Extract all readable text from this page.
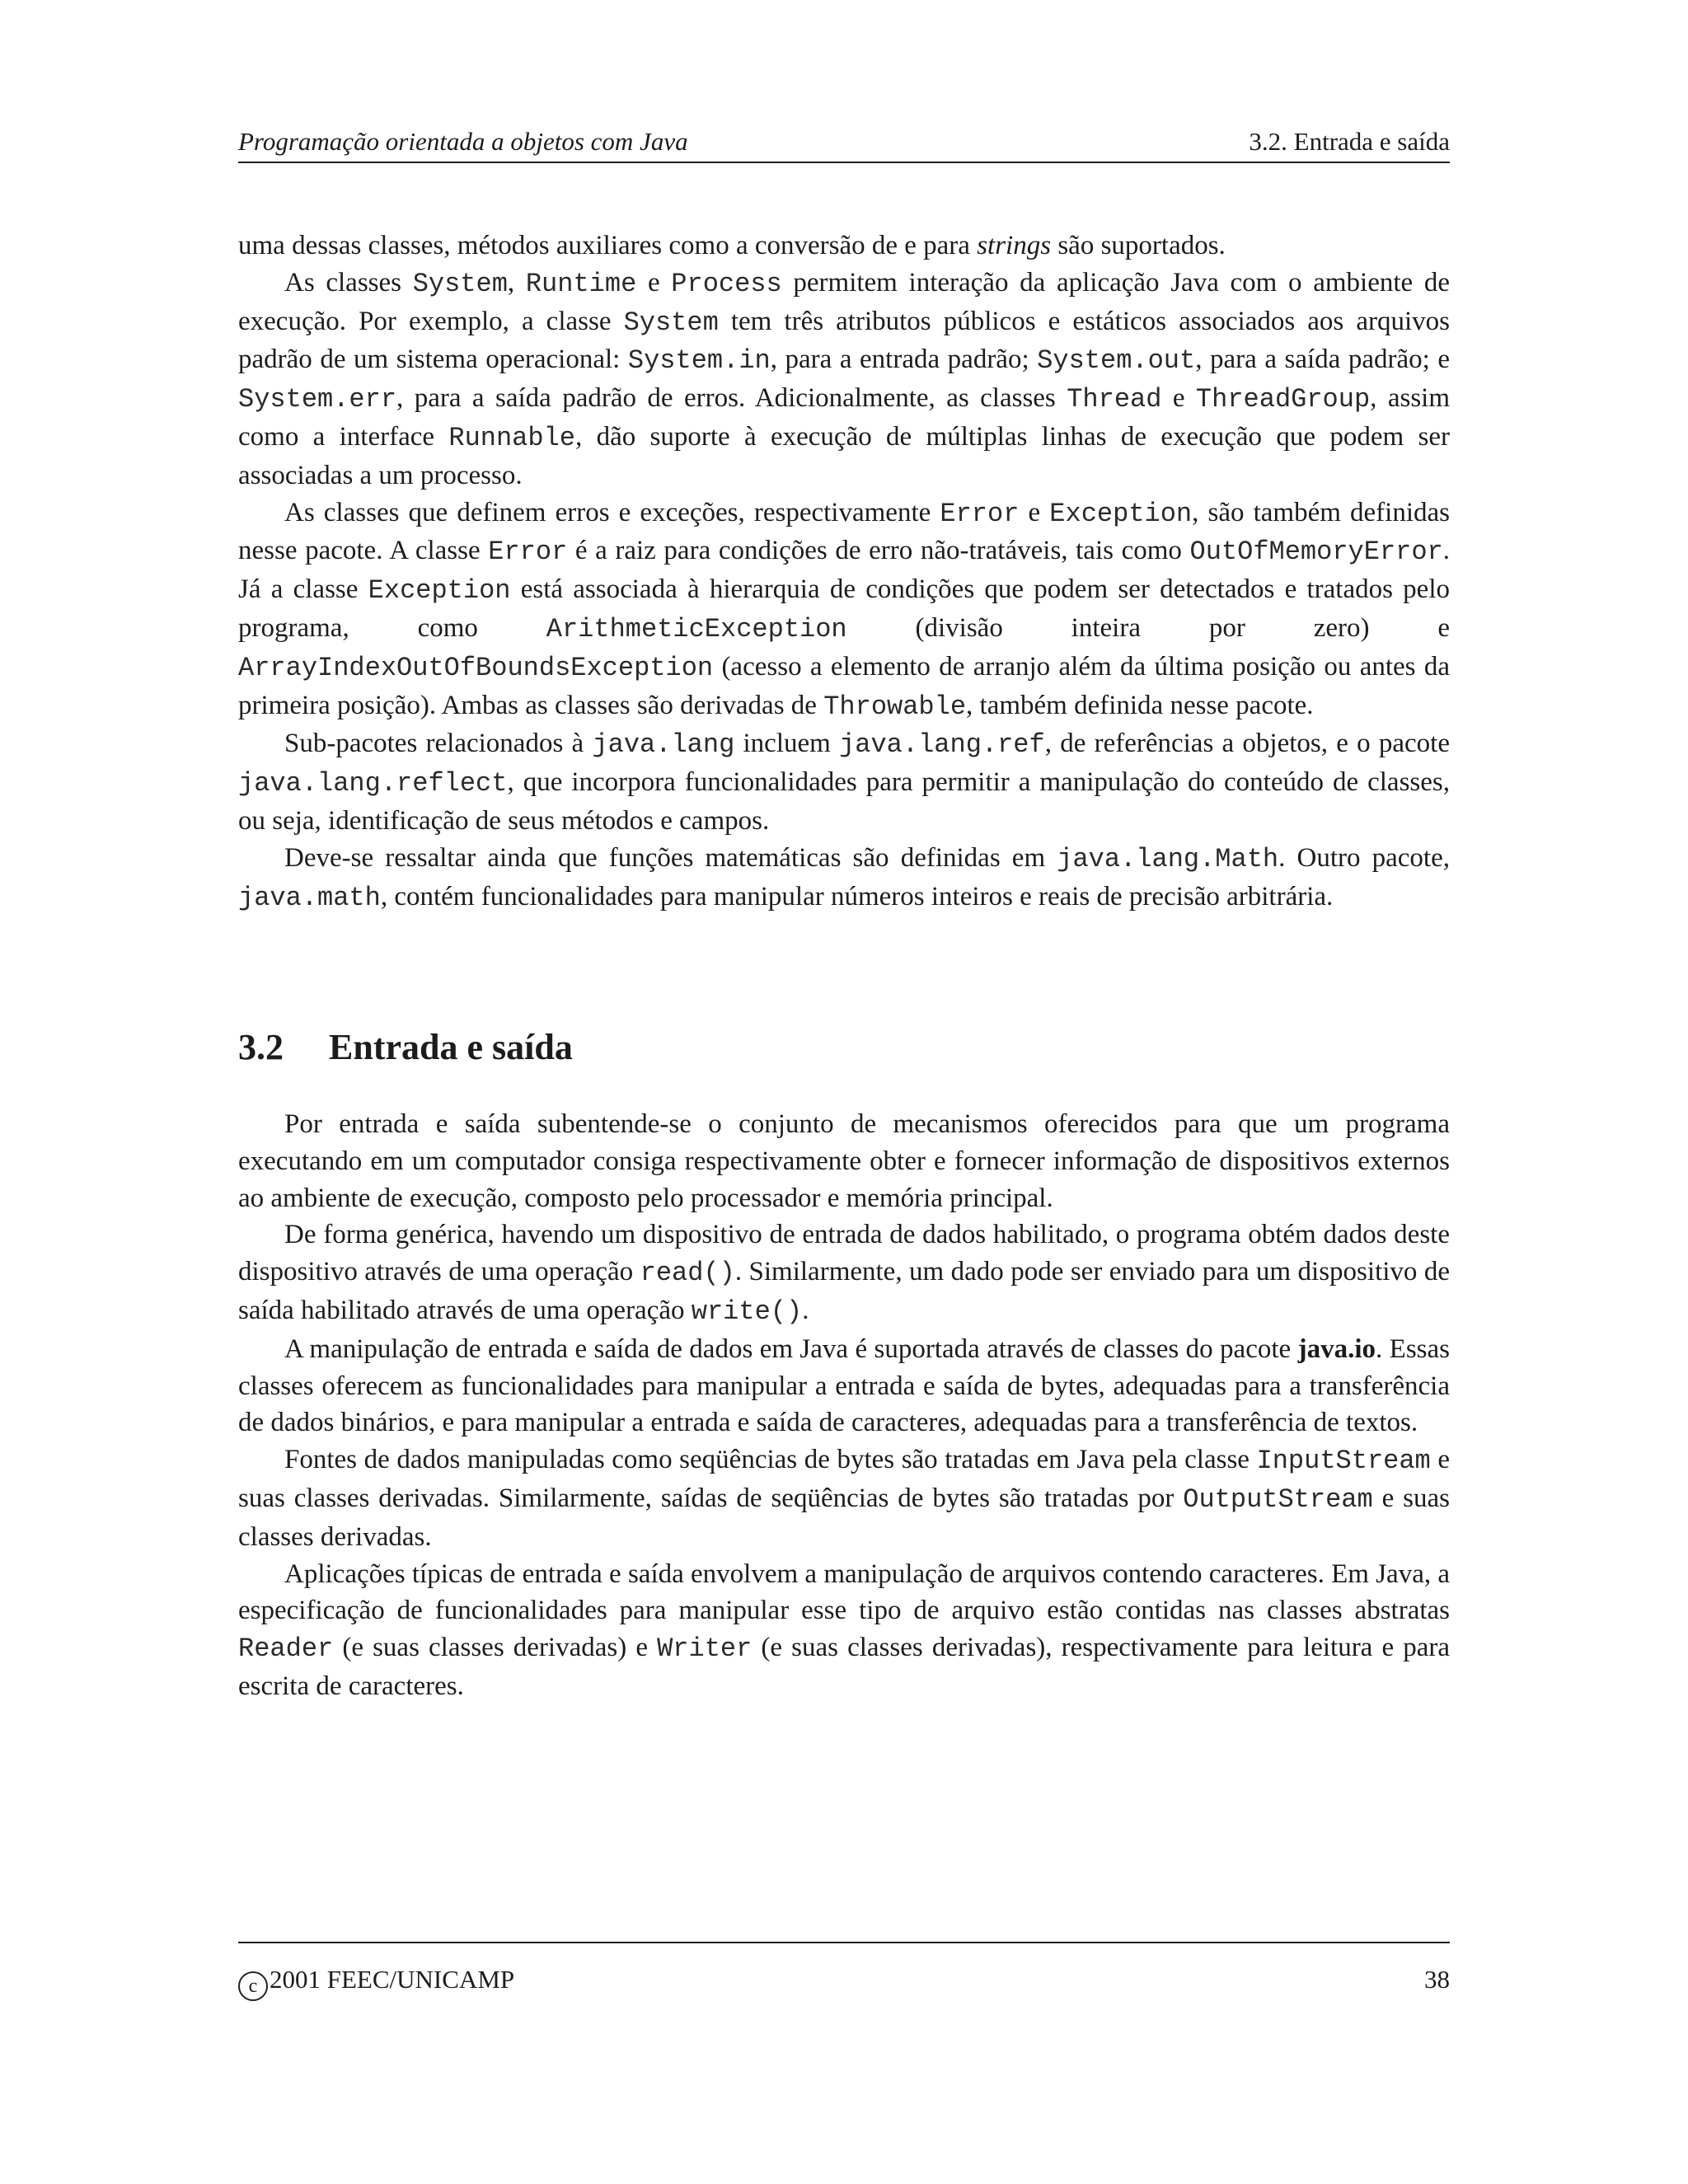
Programação orientada a objetos com Java	3.2. Entrada e saída

uma dessas classes, métodos auxiliares como a conversão de e para strings são suportados.

As classes System, Runtime e Process permitem interação da aplicação Java com o ambiente de execução. Por exemplo, a classe System tem três atributos públicos e estáticos associados aos arquivos padrão de um sistema operacional: System.in, para a entrada padrão; System.out, para a saída padrão; e System.err, para a saída padrão de erros. Adicionalmente, as classes Thread e ThreadGroup, assim como a interface Runnable, dão suporte à execução de múltiplas linhas de execução que podem ser associadas a um processo.

As classes que definem erros e exceções, respectivamente Error e Exception, são também definidas nesse pacote. A classe Error é a raiz para condições de erro não-tratáveis, tais como OutOfMemoryError. Já a classe Exception está associada à hierarquia de condições que podem ser detectados e tratados pelo programa, como ArithmeticException (divisão inteira por zero) e ArrayIndexOutOfBoundsException (acesso a elemento de arranjo além da última posição ou antes da primeira posição). Ambas as classes são derivadas de Throwable, também definida nesse pacote.

Sub-pacotes relacionados à java.lang incluem java.lang.ref, de referências a objetos, e o pacote java.lang.reflect, que incorpora funcionalidades para permitir a manipulação do conteúdo de classes, ou seja, identificação de seus métodos e campos.

Deve-se ressaltar ainda que funções matemáticas são definidas em java.lang.Math. Outro pacote, java.math, contém funcionalidades para manipular números inteiros e reais de precisão arbitrária.

3.2 Entrada e saída

Por entrada e saída subentende-se o conjunto de mecanismos oferecidos para que um programa executando em um computador consiga respectivamente obter e fornecer informação de dispositivos externos ao ambiente de execução, composto pelo processador e memória principal.

De forma genérica, havendo um dispositivo de entrada de dados habilitado, o programa obtém dados deste dispositivo através de uma operação read(). Similarmente, um dado pode ser enviado para um dispositivo de saída habilitado através de uma operação write().

A manipulação de entrada e saída de dados em Java é suportada através de classes do pacote java.io. Essas classes oferecem as funcionalidades para manipular a entrada e saída de bytes, adequadas para a transferência de dados binários, e para manipular a entrada e saída de caracteres, adequadas para a transferência de textos.

Fontes de dados manipuladas como seqüências de bytes são tratadas em Java pela classe InputStream e suas classes derivadas. Similarmente, saídas de seqüências de bytes são tratadas por OutputStream e suas classes derivadas.

Aplicações típicas de entrada e saída envolvem a manipulação de arquivos contendo caracteres. Em Java, a especificação de funcionalidades para manipular esse tipo de arquivo estão contidas nas classes abstratas Reader (e suas classes derivadas) e Writer (e suas classes derivadas), respectivamente para leitura e para escrita de caracteres.

c 2001 FEEC/UNICAMP	38
